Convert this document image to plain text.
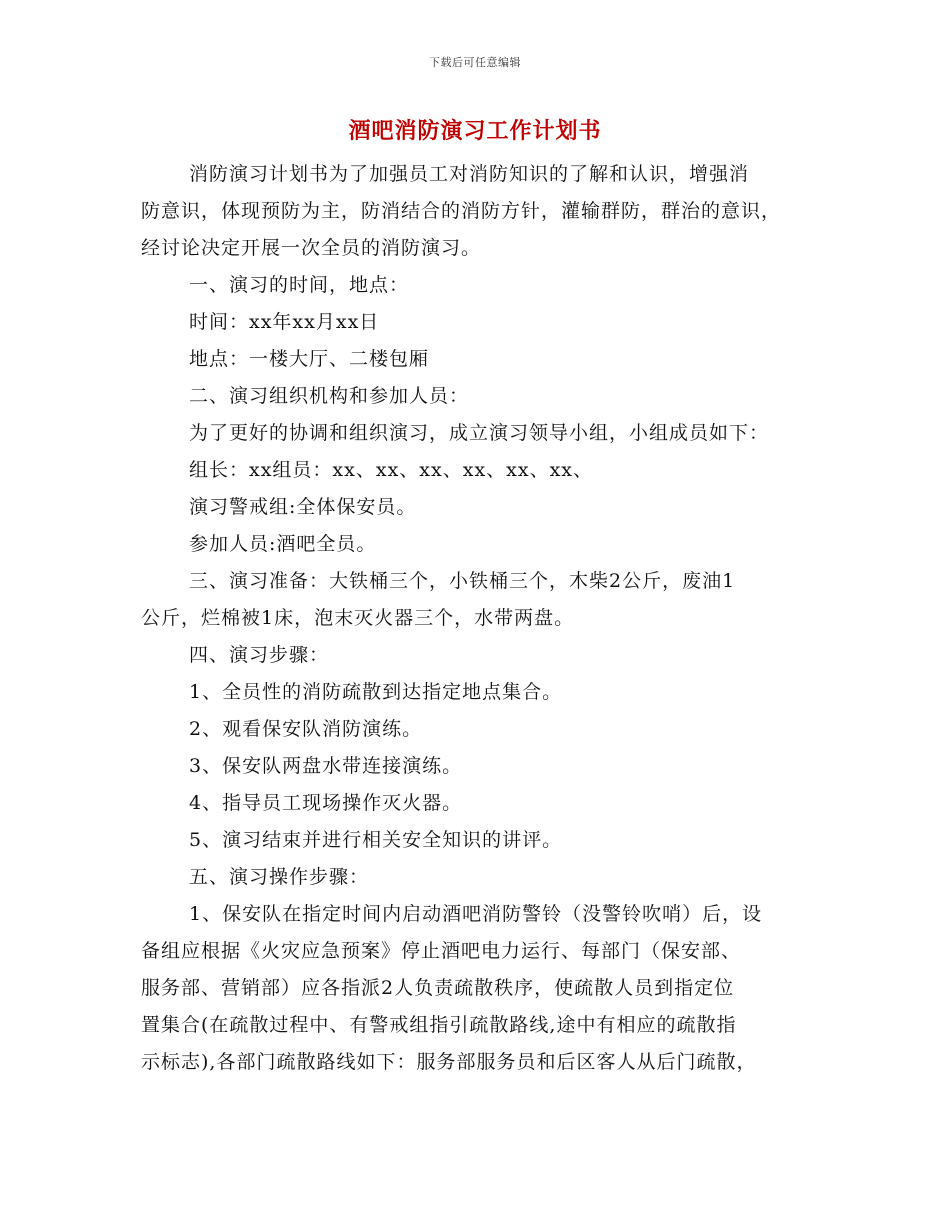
下载后可任意编辑
酒吧消防演习工作计划书
消防演习计划书为了加强员工对消防知识的了解和认识，增强消
防意识，体现预防为主，防消结合的消防方针，灌输群防，群治的意识，
经讨论决定开展一次全员的消防演习。
一、演习的时间，地点：
时间：xx年xx月xx日
地点：一楼大厅、二楼包厢
二、演习组织机构和参加人员：
为了更好的协调和组织演习，成立演习领导小组，小组成员如下：
组长：xx组员：xx、xx、xx、xx、xx、xx、
演习警戒组:全体保安员。
参加人员:酒吧全员。
三、演习准备：大铁桶三个，小铁桶三个，木柴2公斤，废油1
公斤，烂棉被1床，泡末灭火器三个，水带两盘。
四、演习步骤：
1、全员性的消防疏散到达指定地点集合。
2、观看保安队消防演练。
3、保安队两盘水带连接演练。
4、指导员工现场操作灭火器。
5、演习结束并进行相关安全知识的讲评。
五、演习操作步骤：
1、保安队在指定时间内启动酒吧消防警铃（没警铃吹哨）后，设
备组应根据《火灾应急预案》停止酒吧电力运行、每部门（保安部、
服务部、营销部）应各指派2人负责疏散秩序，使疏散人员到指定位
置集合(在疏散过程中、有警戒组指引疏散路线,途中有相应的疏散指
示标志),各部门疏散路线如下：服务部服务员和后区客人从后门疏散，
